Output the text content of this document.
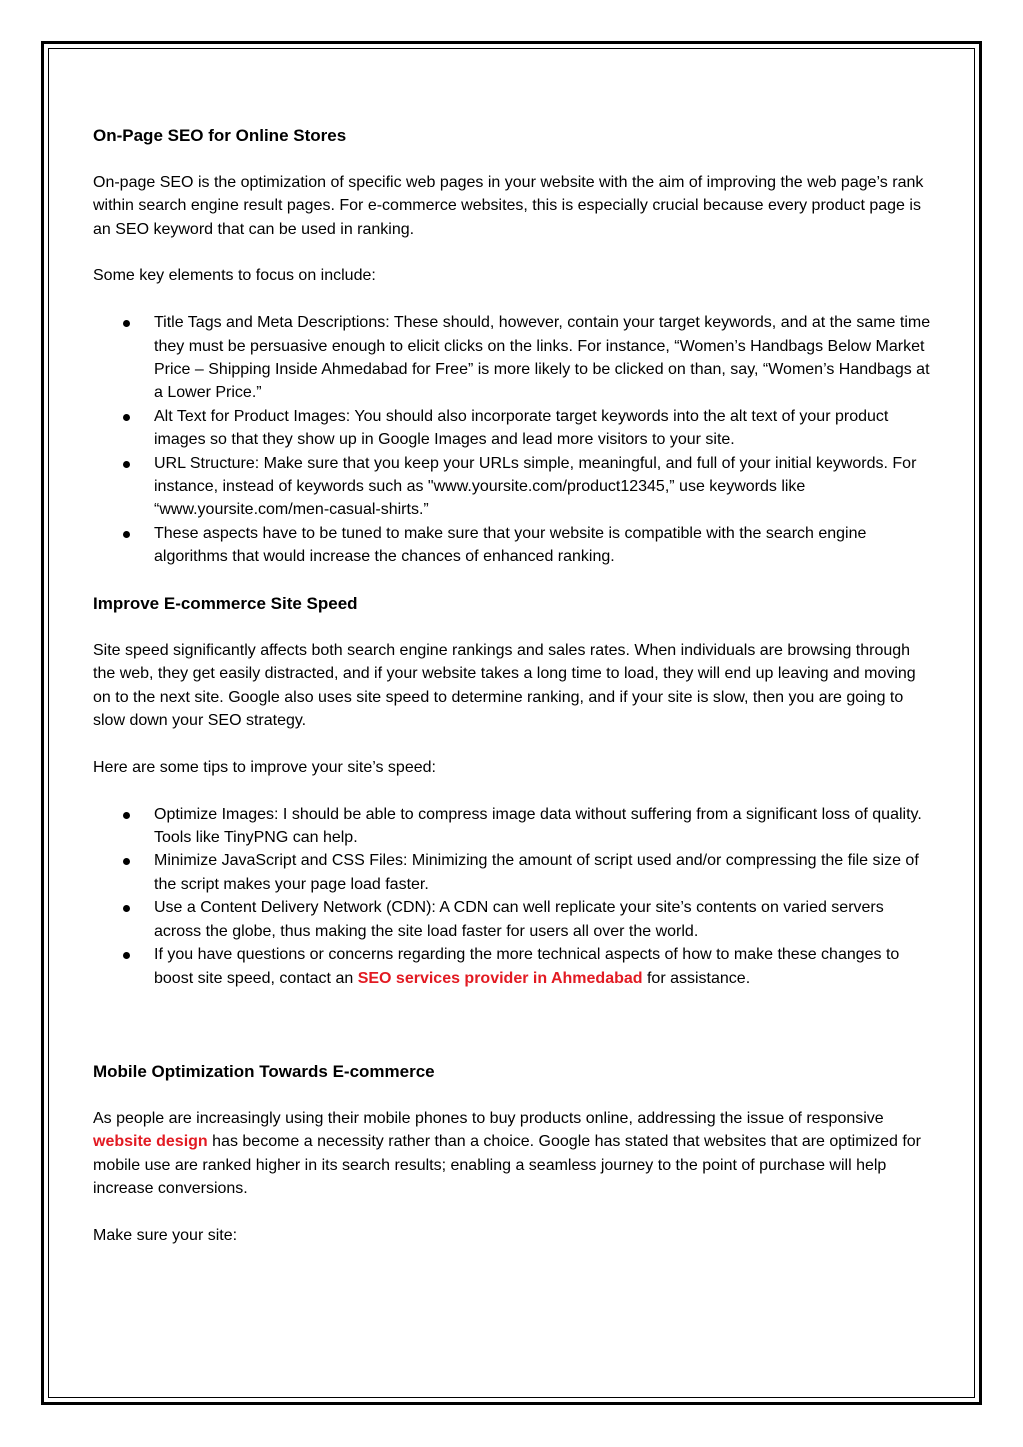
On-Page SEO for Online Stores

On-page SEO is the optimization of specific web pages in your website with the aim of improving the web page’s rank within search engine result pages. For e-commerce websites, this is especially crucial because every product page is an SEO keyword that can be used in ranking.

Some key elements to focus on include:

Title Tags and Meta Descriptions: These should, however, contain your target keywords, and at the same time they must be persuasive enough to elicit clicks on the links. For instance, “Women’s Handbags Below Market Price – Shipping Inside Ahmedabad for Free” is more likely to be clicked on than, say, “Women’s Handbags at a Lower Price.”
Alt Text for Product Images: You should also incorporate target keywords into the alt text of your product images so that they show up in Google Images and lead more visitors to your site.
URL Structure: Make sure that you keep your URLs simple, meaningful, and full of your initial keywords. For instance, instead of keywords such as "www.yoursite.com/product12345,” use keywords like “www.yoursite.com/men-casual-shirts.”
These aspects have to be tuned to make sure that your website is compatible with the search engine algorithms that would increase the chances of enhanced ranking.
Improve E-commerce Site Speed

Site speed significantly affects both search engine rankings and sales rates. When individuals are browsing through the web, they get easily distracted, and if your website takes a long time to load, they will end up leaving and moving on to the next site. Google also uses site speed to determine ranking, and if your site is slow, then you are going to slow down your SEO strategy.

Here are some tips to improve your site’s speed:

Optimize Images: I should be able to compress image data without suffering from a significant loss of quality. Tools like TinyPNG can help.
Minimize JavaScript and CSS Files: Minimizing the amount of script used and/or compressing the file size of the script makes your page load faster.
Use a Content Delivery Network (CDN): A CDN can well replicate your site’s contents on varied servers across the globe, thus making the site load faster for users all over the world.
If you have questions or concerns regarding the more technical aspects of how to make these changes to boost site speed, contact an SEO services provider in Ahmedabad for assistance.
Mobile Optimization Towards E-commerce

As people are increasingly using their mobile phones to buy products online, addressing the issue of responsive website design has become a necessity rather than a choice. Google has stated that websites that are optimized for mobile use are ranked higher in its search results; enabling a seamless journey to the point of purchase will help increase conversions.

Make sure your site:
